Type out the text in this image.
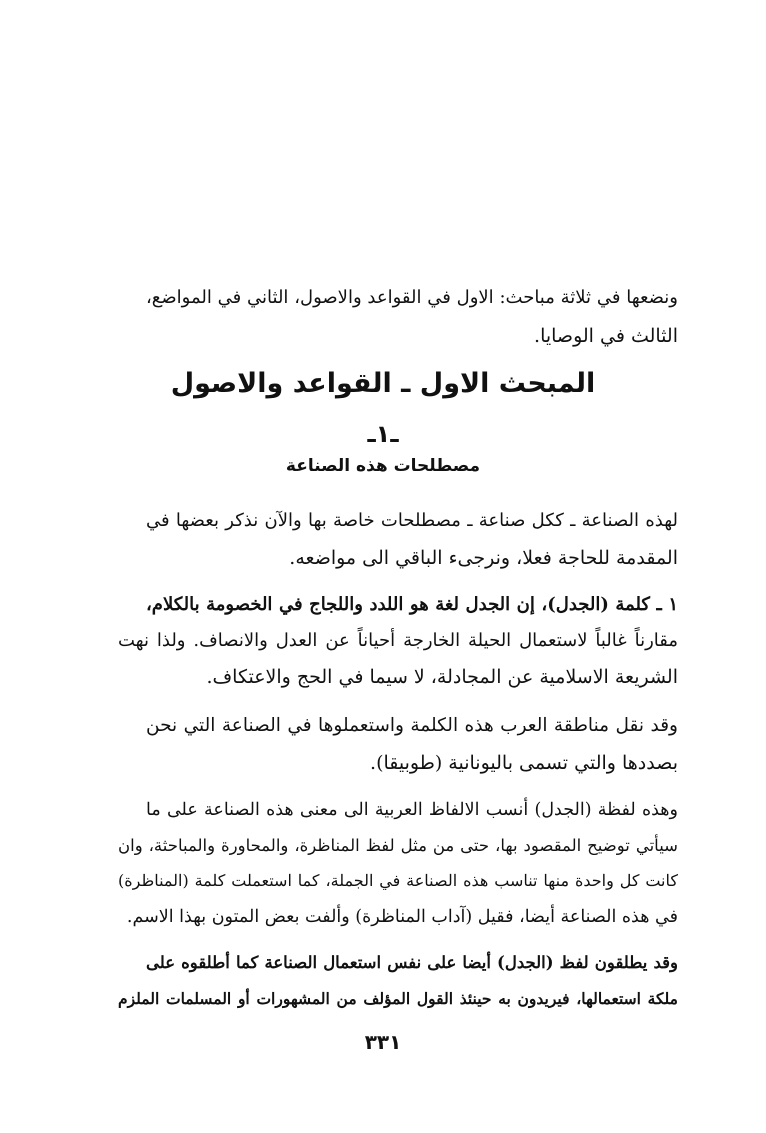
ونضعها في ثلاثة مباحث: الاول في القواعد والاصول، الثاني في المواضع،
الثالث في الوصايا.
المبحث الاول ـ القواعد والاصول
ـ١ـ
مصطلحات هذه الصناعة
لهذه الصناعة ـ ككل صناعة ـ مصطلحات خاصة بها والآن نذكر بعضها في
المقدمة للحاجة فعلا، ونرجىء الباقي الى مواضعه.
١ ـ كلمة (الجدل)، إن الجدل لغة هو اللدد واللجاج في الخصومة بالكلام،
مقارناً غالباً لاستعمال الحيلة الخارجة أحياناً عن العدل والانصاف. ولذا نهت
الشريعة الاسلامية عن المجادلة، لا سيما في الحج والاعتكاف.
وقد نقل مناطقة العرب هذه الكلمة واستعملوها في الصناعة التي نحن
بصددها والتي تسمى باليونانية (طوبيقا).
وهذه لفظة (الجدل) أنسب الالفاظ العربية الى معنى هذه الصناعة على ما
سيأتي توضيح المقصود بها، حتى من مثل لفظ المناظرة، والمحاورة والمباحثة، وان
كانت كل واحدة منها تناسب هذه الصناعة في الجملة، كما استعملت كلمة (المناظرة)
في هذه الصناعة أيضا، فقيل (آداب المناظرة) وألفت بعض المتون بهذا الاسم.
وقد يطلقون لفظ (الجدل) أيضا على نفس استعمال الصناعة كما أطلقوه على
ملكة استعمالها، فيريدون به حينئذ القول المؤلف من المشهورات أو المسلمات الملزم
٣٣١
